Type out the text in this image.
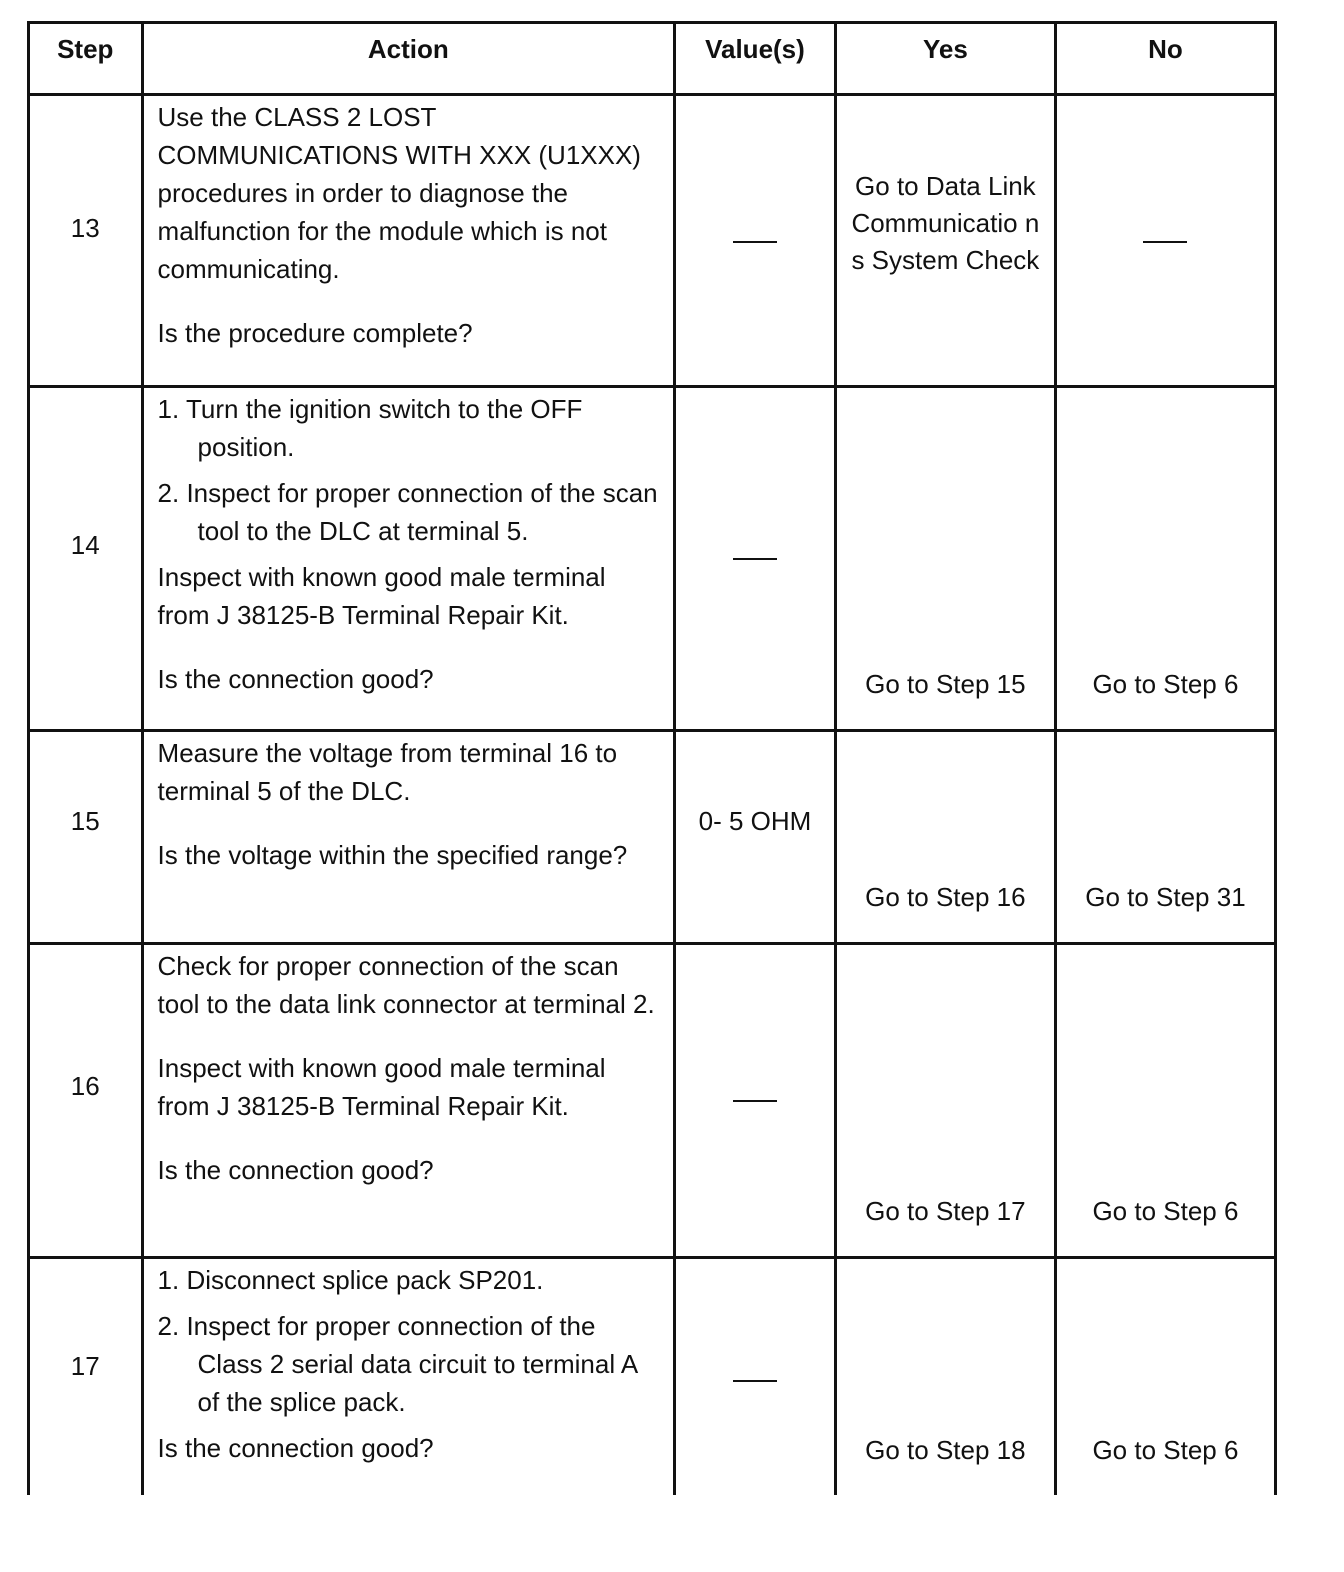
Step	Action	Value(s)	Yes	No
13	Use the CLASS 2 LOST COMMUNICATIONS WITH XXX (U1XXX) procedures in order to diagnose the malfunction for the module which is not communicating.

Is the procedure complete?		Go to Data Link Communicatio ns System Check	
14	1. Turn the ignition switch to the OFF position.

2. Inspect for proper connection of the scan tool to the DLC at terminal 5.

Inspect with known good male terminal from J 38125-B Terminal Repair Kit.

Is the connection good?		Go to Step 15	Go to Step 6
15	Measure the voltage from terminal 16 to terminal 5 of the DLC.

Is the voltage within the specified range?	0- 5 OHM	Go to Step 16	Go to Step 31
16	Check for proper connection of the scan tool to the data link connector at terminal 2.

Inspect with known good male terminal from J 38125-B Terminal Repair Kit.

Is the connection good?		Go to Step 17	Go to Step 6
17	1. Disconnect splice pack SP201.

2. Inspect for proper connection of the Class 2 serial data circuit to terminal A of the splice pack.

Is the connection good?		Go to Step 18	Go to Step 6
